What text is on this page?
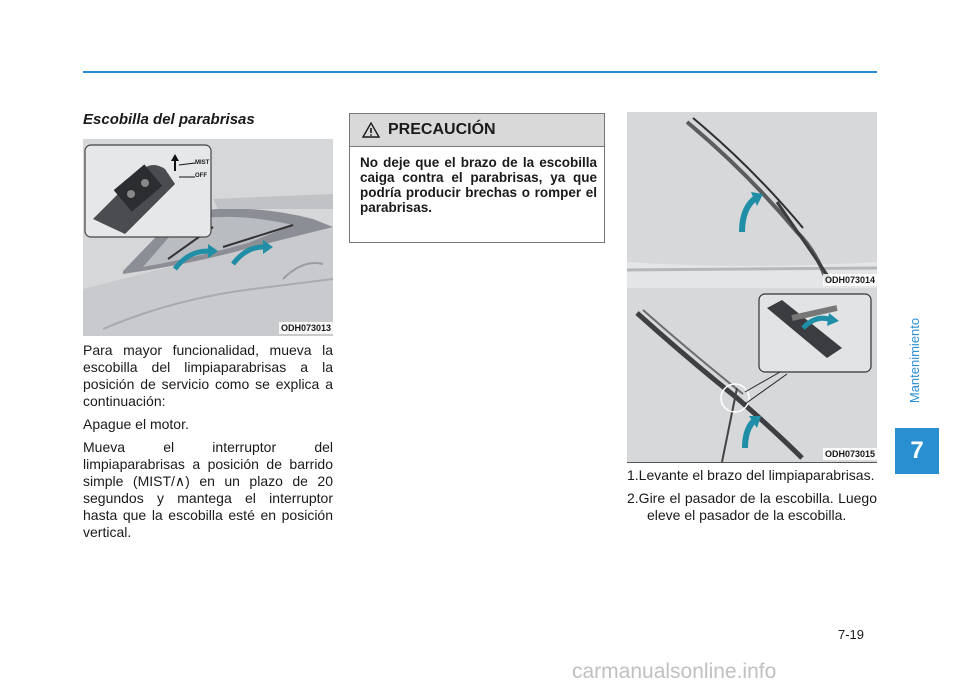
Escobilla del parabrisas
MIST
OFF
ODH073013

Para mayor funcionalidad, mueva la escobilla del limpiaparabrisas a la posición de servicio como se explica a continuación:

Apague el motor.

Mueva el interruptor del limpiaparabrisas a posición de barrido simple (MIST/∧) en un plazo de 20 segundos y mantega el interruptor hasta que la escobilla esté en posición vertical.

PRECAUCIÓN
No deje que el brazo de la escobilla caiga contra el parabrisas, ya que podría producir brechas o romper el parabrisas.
ODH073014
ODH073015

1.Levante el brazo del limpiaparabrisas.

2.Gire el pasador de la escobilla. Luego eleve el pasador de la escobilla.

Mantenimiento
7
7-19
carmanualsonline.info
